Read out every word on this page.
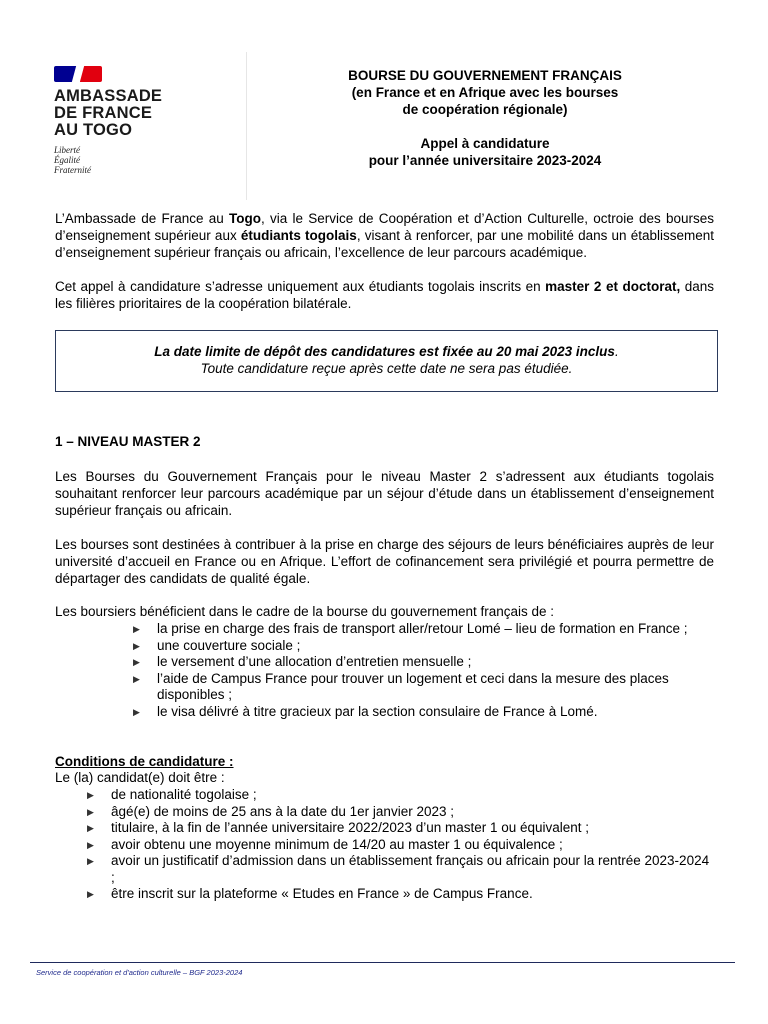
AMBASSADE
DE FRANCE
AU TOGO
Liberté
Égalité
Fraternité
BOURSE DU GOUVERNEMENT FRANÇAIS
(en France et en Afrique avec les bourses
de coopération régionale)
Appel à candidature
pour l’année universitaire 2023-2024
L’Ambassade de France au Togo, via le Service de Coopération et d’Action Culturelle, octroie des bourses d’enseignement supérieur aux étudiants togolais, visant à renforcer, par une mobilité dans un établissement d’enseignement supérieur français ou africain, l’excellence de leur parcours académique.
Cet appel à candidature s’adresse uniquement aux étudiants togolais inscrits en master 2 et doctorat, dans les filières prioritaires de la coopération bilatérale.
La date limite de dépôt des candidatures est fixée au 20 mai 2023 inclus.
Toute candidature reçue après cette date ne sera pas étudiée.
1 – NIVEAU MASTER 2
Les Bourses du Gouvernement Français pour le niveau Master 2 s’adressent aux étudiants togolais souhaitant renforcer leur parcours académique par un séjour d’étude dans un établissement d’enseignement supérieur français ou africain.
Les bourses sont destinées à contribuer à la prise en charge des séjours de leurs bénéficiaires auprès de leur université d’accueil en France ou en Afrique. L’effort de cofinancement sera privilégié et pourra permettre de départager des candidats de qualité égale.
Les boursiers bénéficient dans le cadre de la bourse du gouvernement français de :
▶ la prise en charge des frais de transport aller/retour Lomé – lieu de formation en France ;
▶ une couverture sociale ;
▶ le versement d’une allocation d’entretien mensuelle ;
▶ l’aide de Campus France pour trouver un logement et ceci dans la mesure des places disponibles ;
▶ le visa délivré à titre gracieux par la section consulaire de France à Lomé.
Conditions de candidature :
Le (la) candidat(e) doit être :
▶ de nationalité togolaise ;
▶ âgé(e) de moins de 25 ans à la date du 1er janvier 2023 ;
▶ titulaire, à la fin de l’année universitaire 2022/2023 d’un master 1 ou équivalent ;
▶ avoir obtenu une moyenne minimum de 14/20 au master 1 ou équivalence ;
▶ avoir un justificatif d’admission dans un établissement français ou africain pour la rentrée 2023-2024 ;
▶ être inscrit sur la plateforme « Etudes en France » de Campus France.
Service de coopération et d'action culturelle – BGF 2023-2024
